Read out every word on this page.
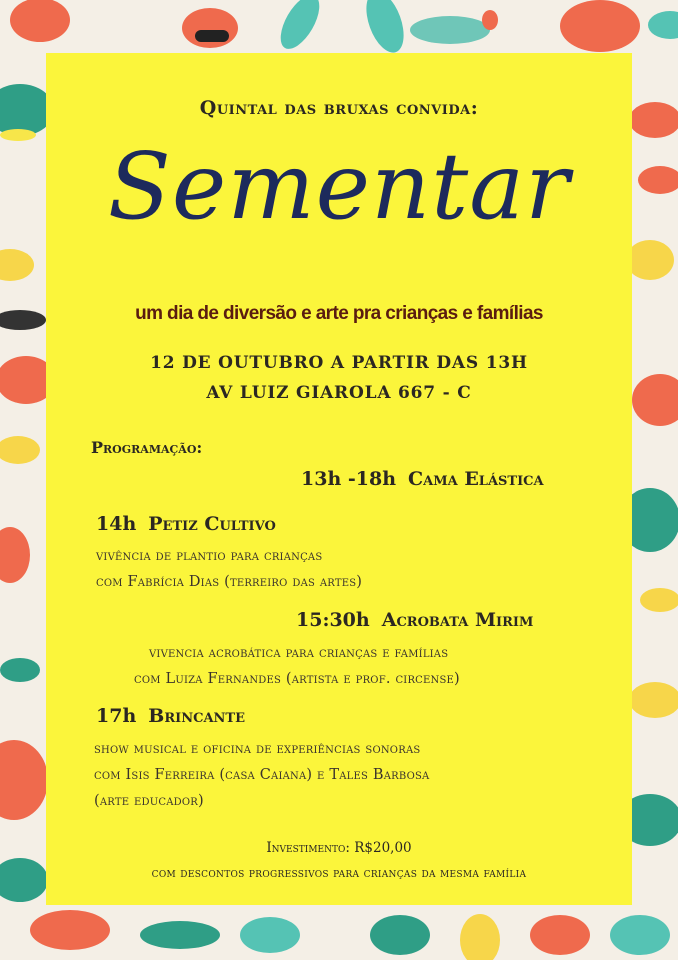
Quintal das bruxas convida:

Sementar

um dia de diversão e arte pra crianças e famílias

12 DE OUTUBRO A PARTIR DAS 13H

AV LUIZ GIAROLA 667 - C

Programação:

13h -18h Cama Elástica

14h Petiz Cultivo

vivência de plantio para crianças

com Fabrícia Dias (terreiro das artes)

15:30h Acrobata Mirim

vivencia acrobática para crianças e famílias

com Luiza Fernandes (artista e prof. circense)

17h Brincante

show musical e oficina de experiências sonoras

com Isis Ferreira (casa Caiana) e Tales Barbosa

(arte educador)

Investimento: R$20,00

com descontos progressivos para crianças da mesma família
